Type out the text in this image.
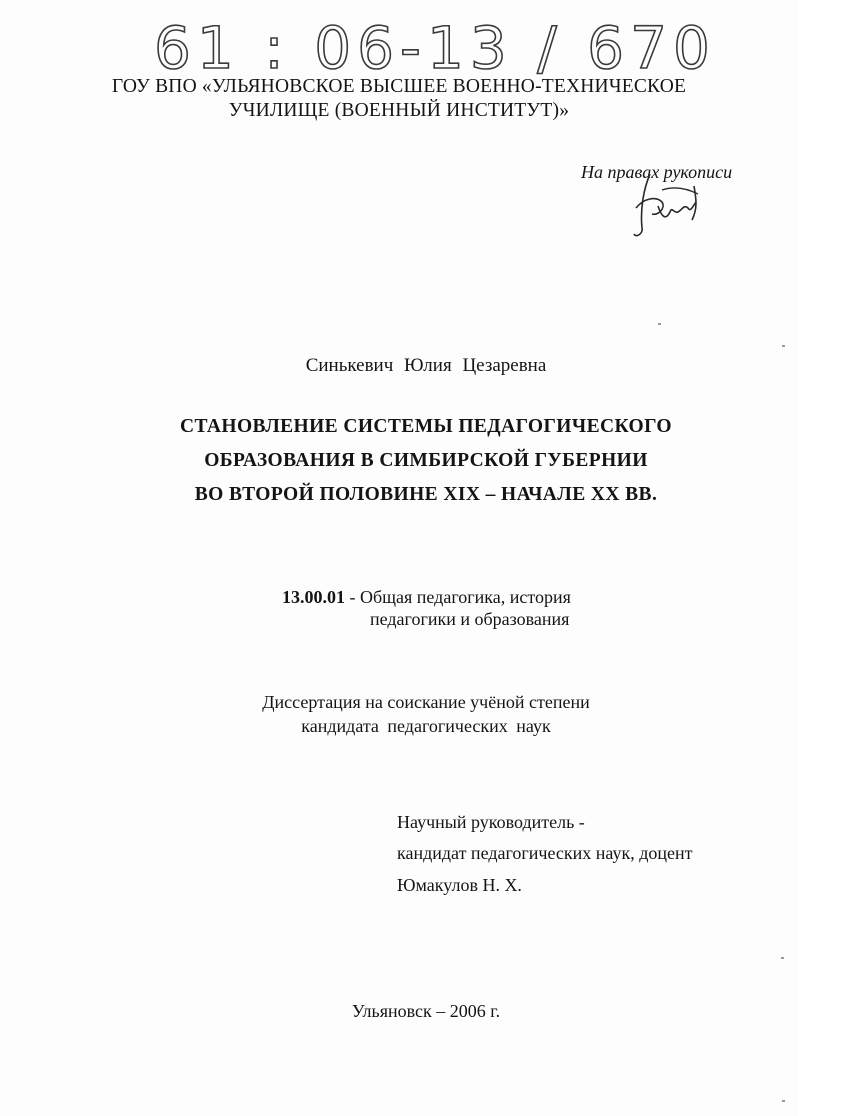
61 : 06-13 / 670
ГОУ ВПО «УЛЬЯНОВСКОЕ ВЫСШЕЕ ВОЕННО-ТЕХНИЧЕСКОЕ
УЧИЛИЩЕ (ВОЕННЫЙ ИНСТИТУТ)»
На правах рукописи
Синькевич Юлия Цезаревна
СТАНОВЛЕНИЕ СИСТЕМЫ ПЕДАГОГИЧЕСКОГО
ОБРАЗОВАНИЯ В СИМБИРСКОЙ ГУБЕРНИИ
ВО ВТОРОЙ ПОЛОВИНЕ XIX – НАЧАЛЕ XX ВВ.
13.00.01 - Общая педагогика, история
педагогики и образования
Диссертация на соискание учёной степени
кандидата педагогических наук
Научный руководитель -
кандидат педагогических наук, доцент
Юмакулов Н. Х.
Ульяновск – 2006 г.
